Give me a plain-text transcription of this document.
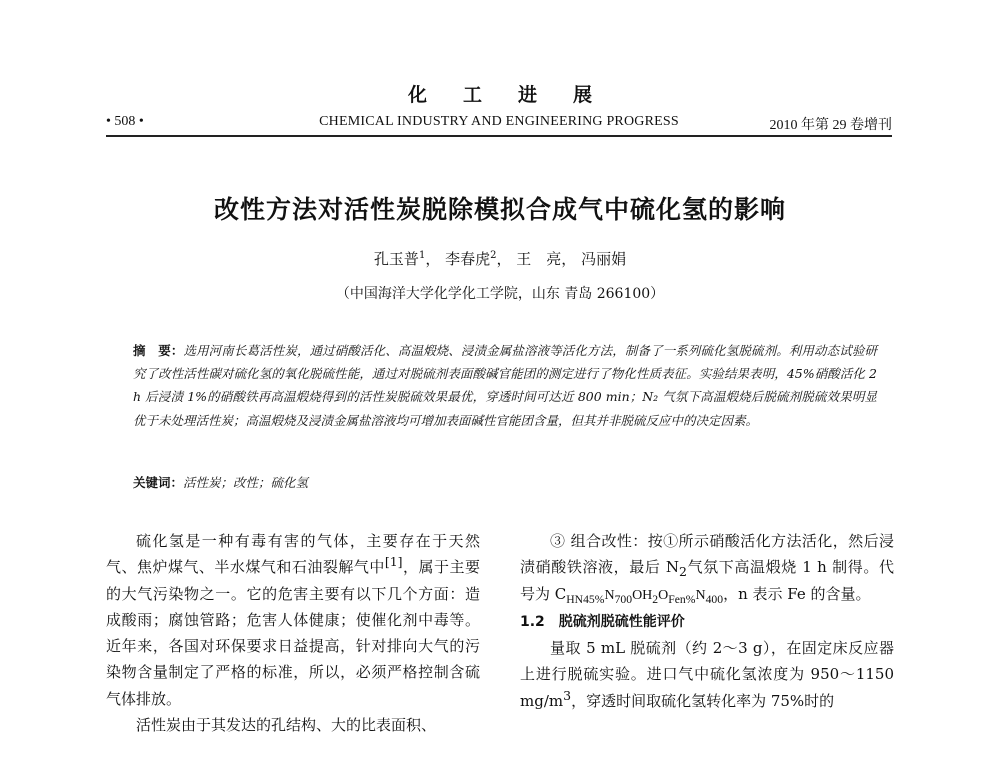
化工进展
• 508 •	CHEMICAL INDUSTRY AND ENGINEERING PROGRESS	2010 年第 29 卷增刊
改性方法对活性炭脱除模拟合成气中硫化氢的影响
孔玉普$^1$， 李春虎$^2$， 王　亮， 冯丽娟
（中国海洋大学化学化工学院，山东 青岛 266100）
摘　要：选用河南长葛活性炭，通过硝酸活化、高温煅烧、浸渍金属盐溶液等活化方法，制备了一系列硫化氢脱硫剂。利用动态试验研究了改性活性碳对硫化氢的氧化脱硫性能，通过对脱硫剂表面酸碱官能团的测定进行了物化性质表征。实验结果表明，45%硝酸活化 2 h 后浸渍 1%的硝酸铁再高温煅烧得到的活性炭脱硫效果最优，穿透时间可达近 800 min；N₂ 气氛下高温煅烧后脱硫剂脱硫效果明显优于未处理活性炭；高温煅烧及浸渍金属盐溶液均可增加表面碱性官能团含量，但其并非脱硫反应中的决定因素。
关键词：活性炭；改性；硫化氢

硫化氢是一种有毒有害的气体，主要存在于天然气、焦炉煤气、半水煤气和石油裂解气中[1]，属于主要的大气污染物之一。它的危害主要有以下几个方面：造成酸雨；腐蚀管路；危害人体健康；使催化剂中毒等。近年来，各国对环保要求日益提高，针对排向大气的污染物含量制定了严格的标准，所以，必须严格控制含硫气体排放。

活性炭由于其发达的孔结构、大的比表面积、

③ 组合改性：按①所示硝酸活化方法活化，然后浸渍硝酸铁溶液，最后 $N_2$气氛下高温煅烧 1 h 制得。代号为 $C_{HN45\%}N_{700}OH_2O_{Fen\%}N_{400}$，n 表示 Fe 的含量。

1.2　脱硫剂脱硫性能评价

量取 5 mL 脱硫剂（约 2～3 g），在固定床反应器上进行脱硫实验。进口气中硫化氢浓度为 950～1150 $mg/m^3$，穿透时间取硫化氢转化率为 75%时的
